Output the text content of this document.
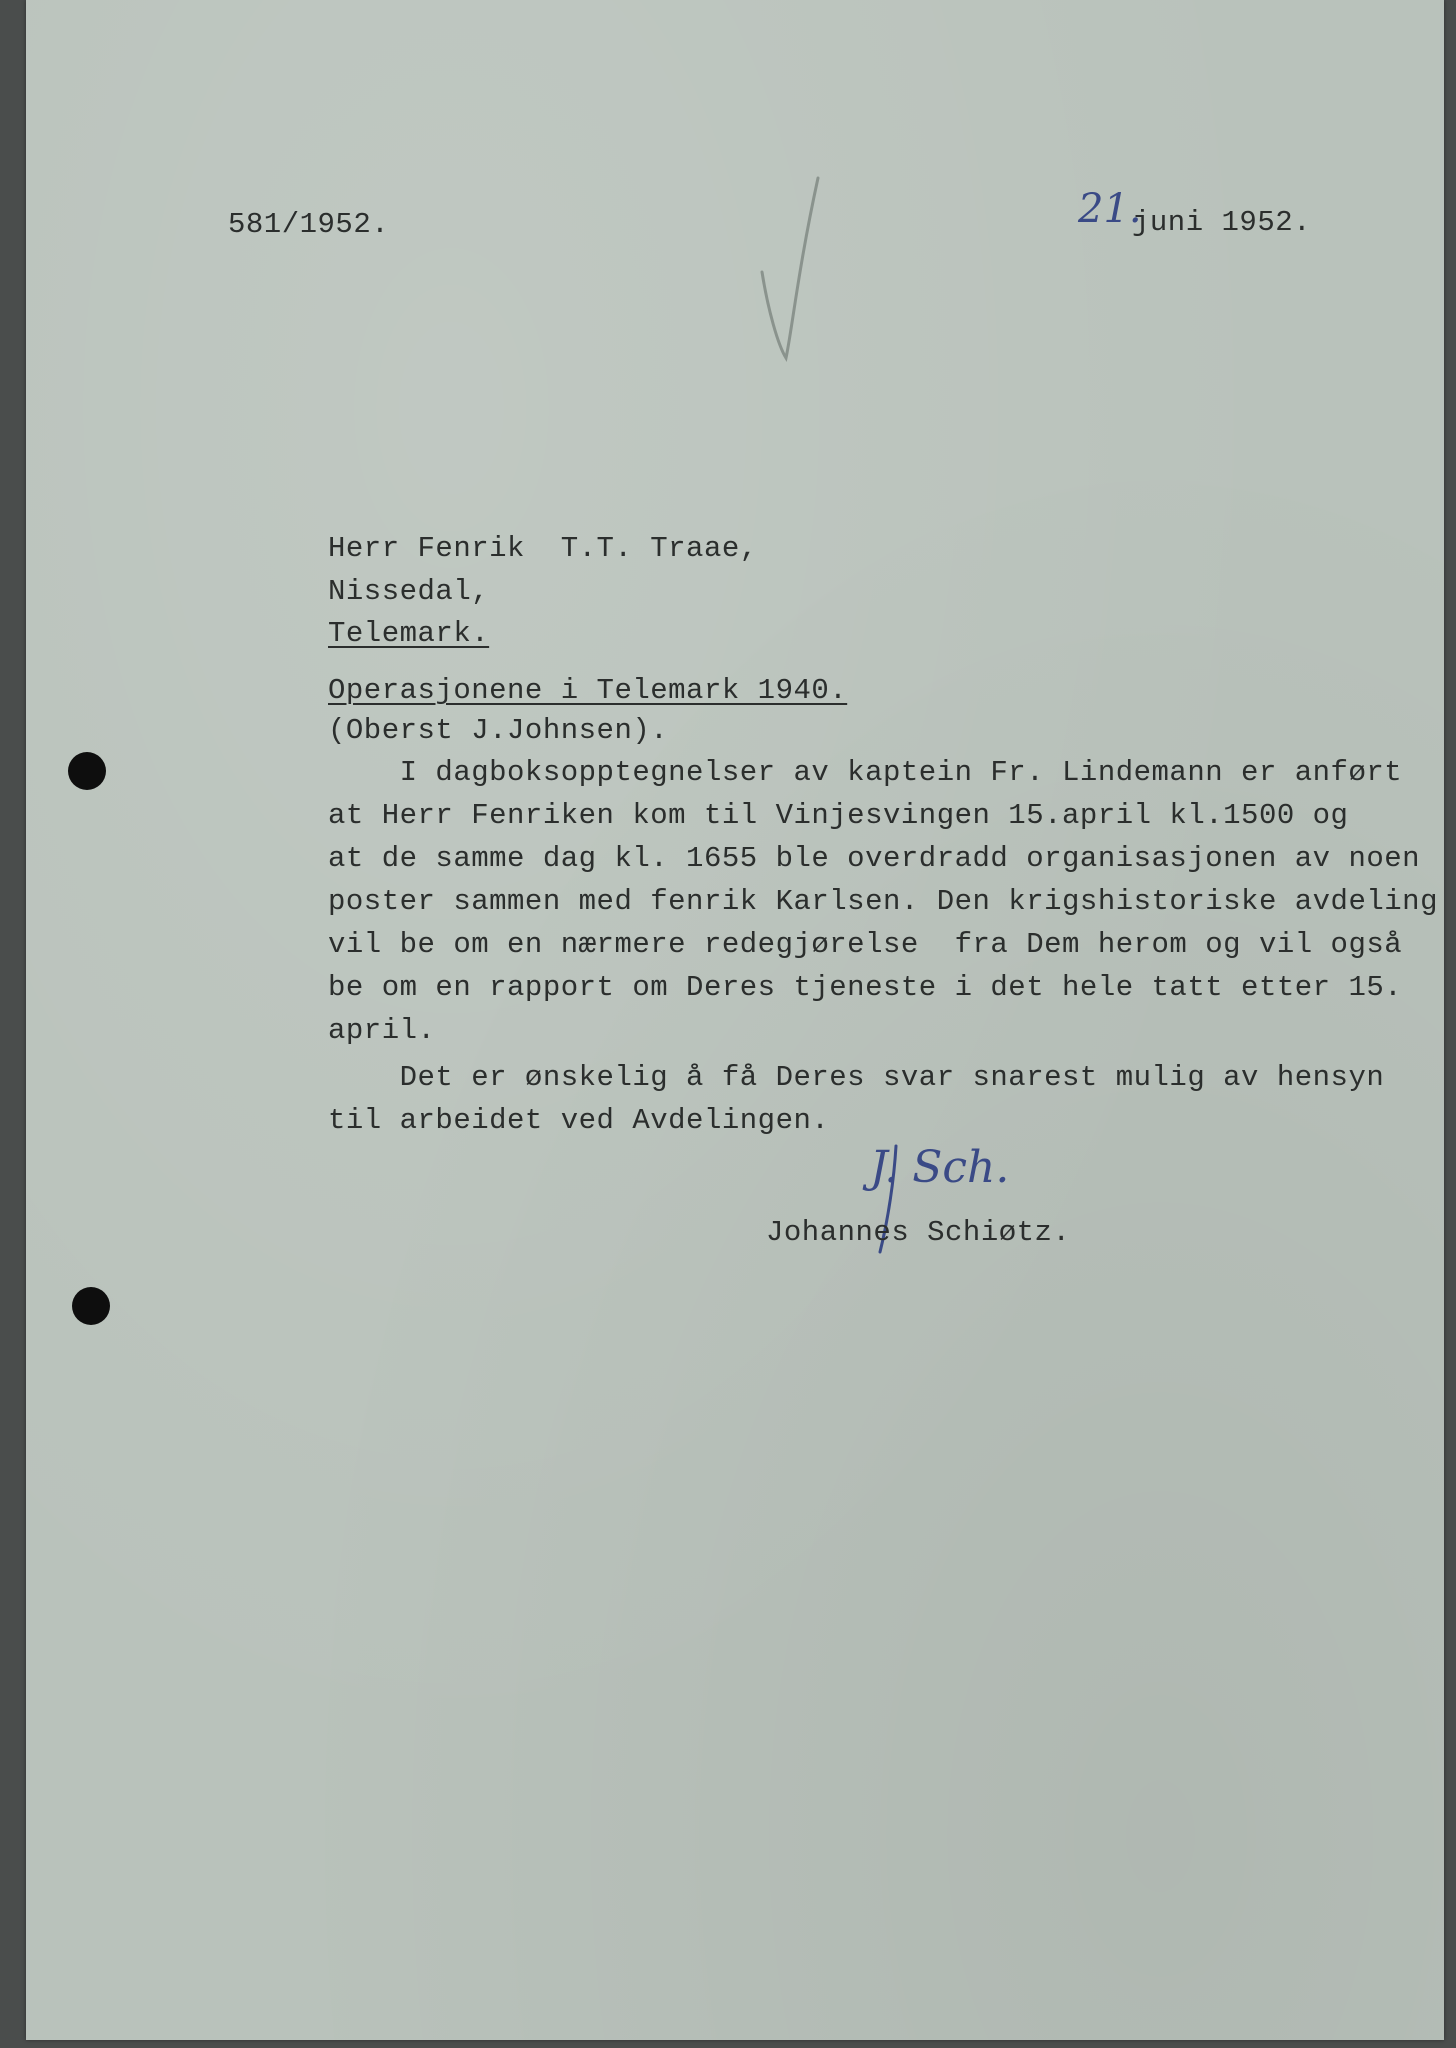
581/1952.	21.

juni 1952.

Herr Fenrik  T.T. Traae,

Nissedal,

Telemark.

Operasjonene i Telemark 1940.

(Oberst J.Johnsen).

I dagboksopptegnelser av kaptein Fr. Lindemann er anført

at Herr Fenriken kom til Vinjesvingen 15.april kl.1500 og

at de samme dag kl. 1655 ble overdradd organisasjonen av noen

poster sammen med fenrik Karlsen. Den krigshistoriske avdeling

vil be om en nærmere redegjørelse  fra Dem herom og vil også

be om en rapport om Deres tjeneste i det hele tatt etter 15.

april.

Det er ønskelig å få Deres svar snarest mulig av hensyn

til arbeidet ved Avdelingen.

J. Sch.

Johannes Schiøtz.
